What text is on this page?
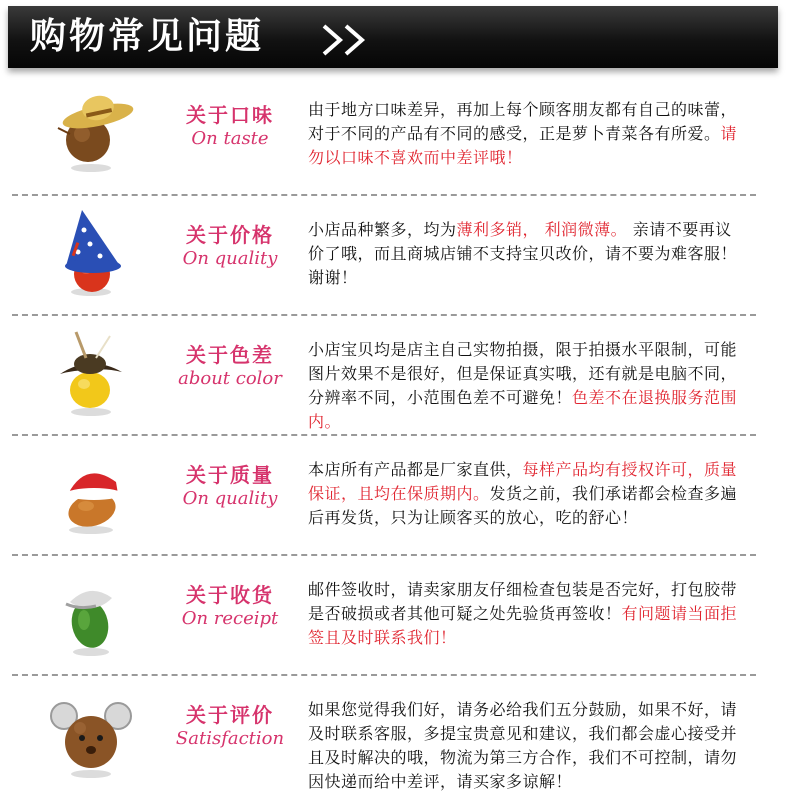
购物常见问题
关于口味
On taste
由于地方口味差异，再加上每个顾客朋友都有自己的味蕾，对于不同的产品有不同的感受，正是萝卜青菜各有所爱。请勿以口味不喜欢而中差评哦！
关于价格
On quality
小店品种繁多，均为薄利多销， 利润微薄。 亲请不要再议价了哦，而且商城店铺不支持宝贝改价，请不要为难客服！谢谢！
关于色差
about color
小店宝贝均是店主自己实物拍摄，限于拍摄水平限制，可能图片效果不是很好，但是保证真实哦，还有就是电脑不同，分辨率不同，小范围色差不可避免！色差不在退换服务范围内。
关于质量
On quality
本店所有产品都是厂家直供，每样产品均有授权许可，质量保证，且均在保质期内。发货之前，我们承诺都会检查多遍后再发货，只为让顾客买的放心，吃的舒心！
关于收货
On receipt
邮件签收时，请卖家朋友仔细检查包装是否完好，打包胶带是否破损或者其他可疑之处先验货再签收！有问题请当面拒签且及时联系我们！
关于评价
Satisfaction
如果您觉得我们好，请务必给我们五分鼓励，如果不好，请及时联系客服，多提宝贵意见和建议，我们都会虚心接受并且及时解决的哦，物流为第三方合作，我们不可控制，请勿因快递而给中差评，请买家多谅解！
